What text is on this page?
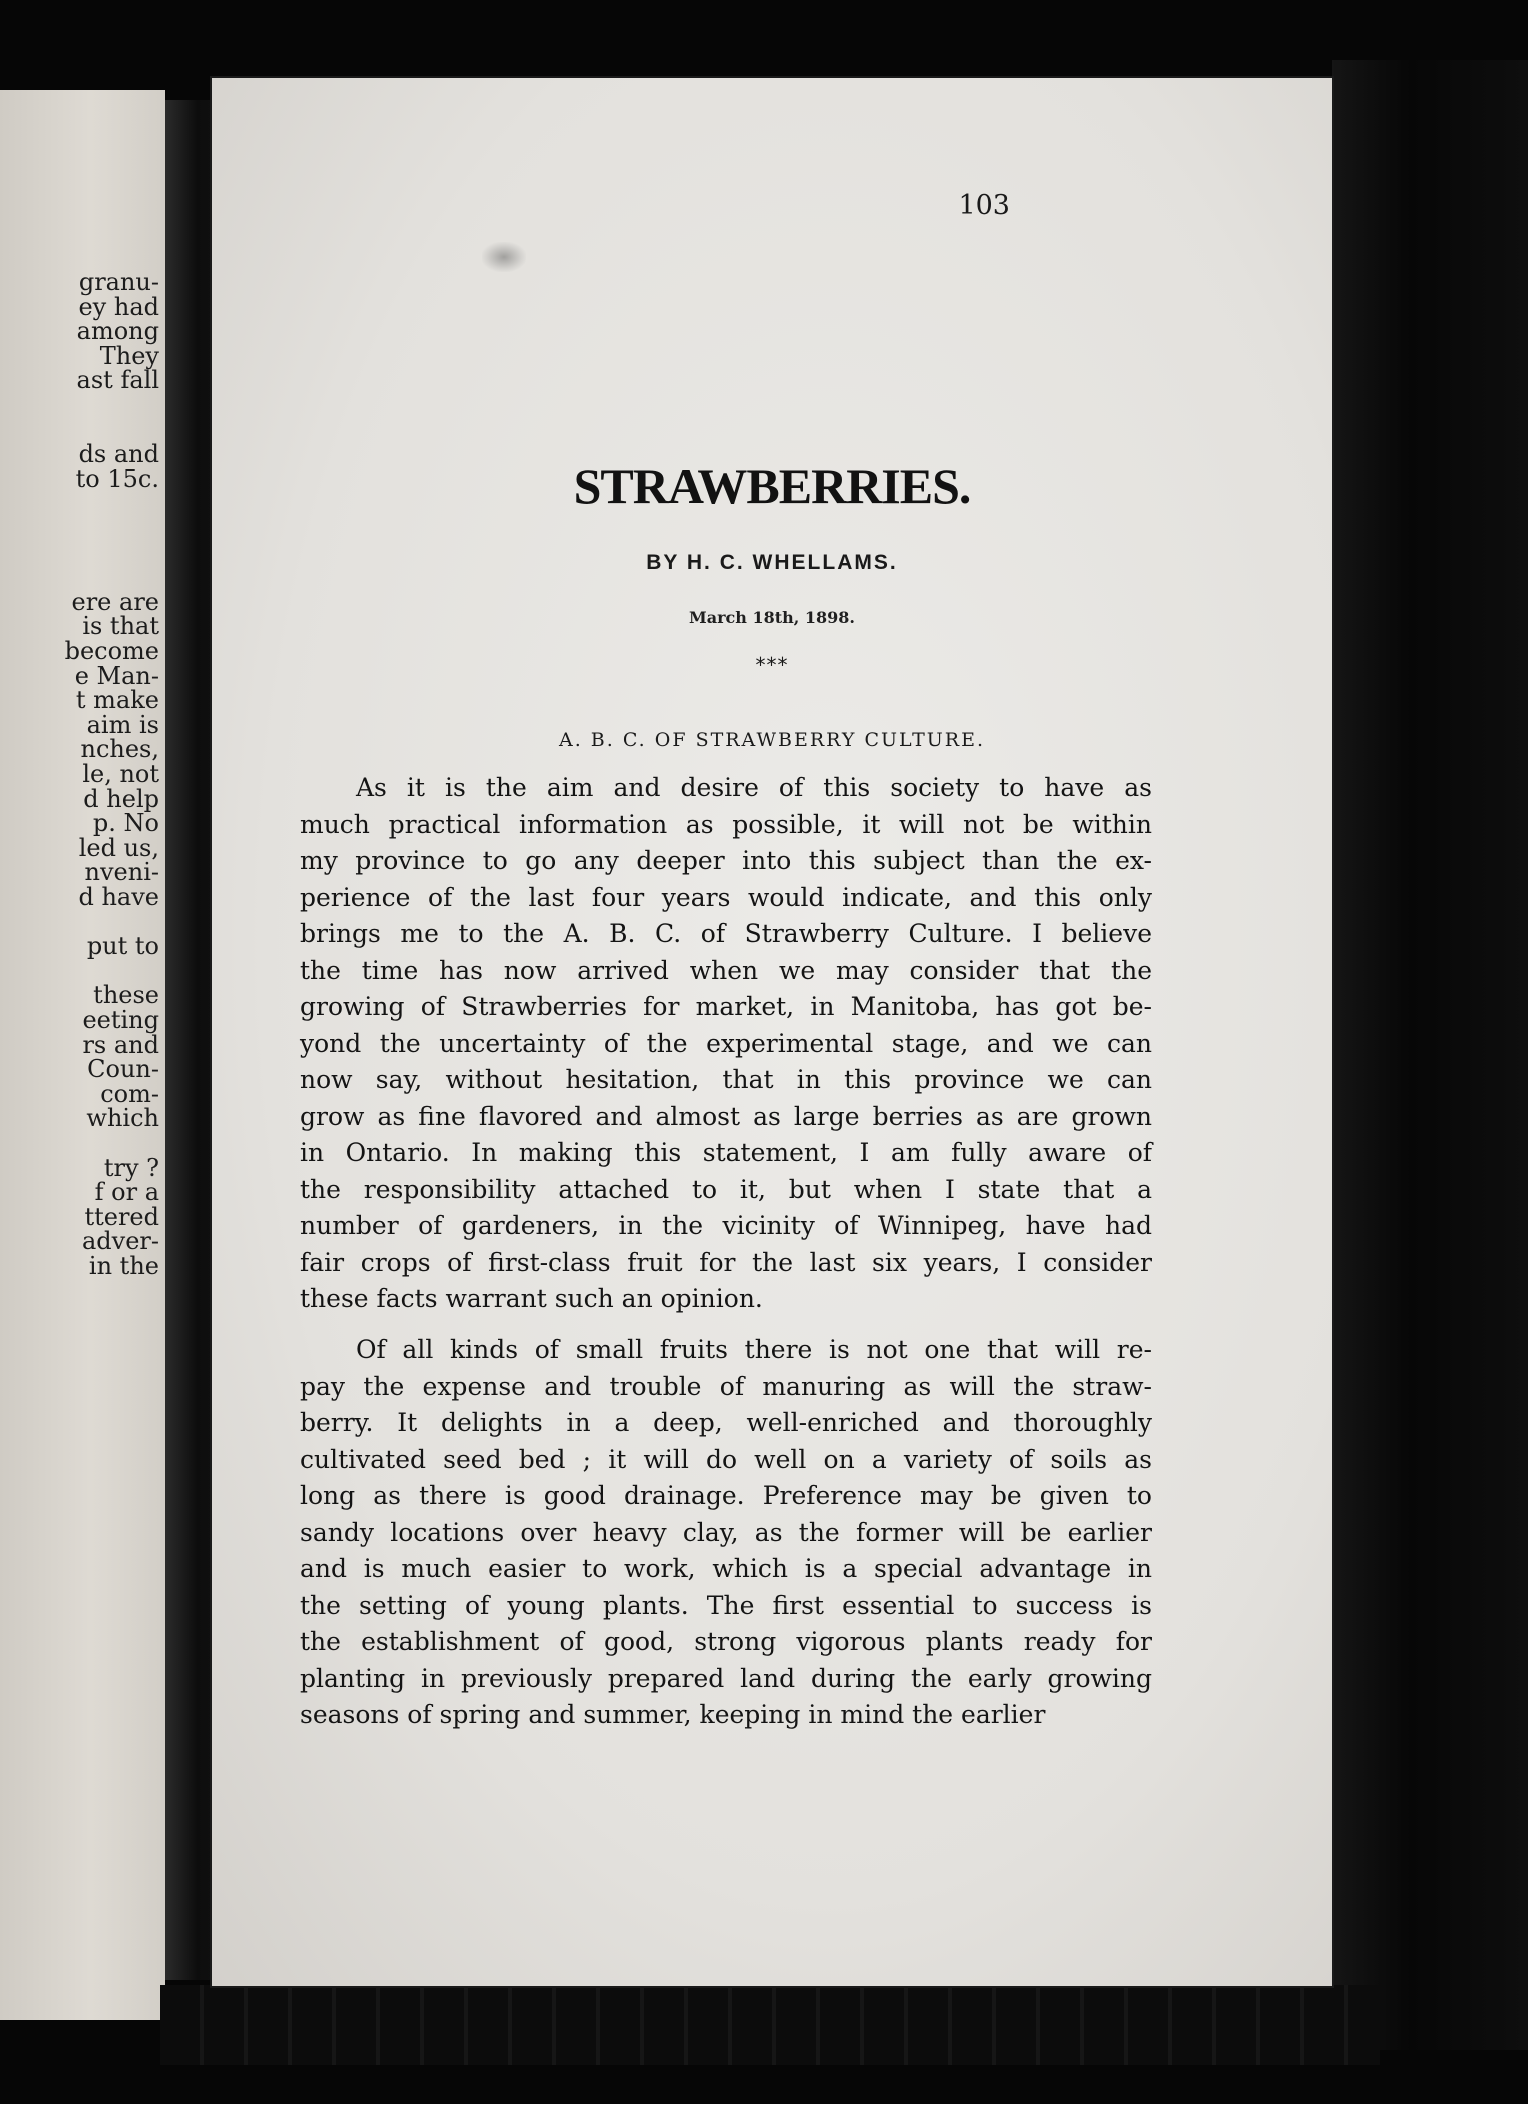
granu-
ey had
among
They
ast fall
ds and
to 15c.
ere are
is that
become
e Man-
t make
aim is
nches,
le, not
d help
p. No
led us,
nveni-
d have
put to
these
eeting
rs and
Coun-
com-
which
try ?
f or a
ttered
adver-
in the
103
STRAWBERRIES.
BY H. C. WHELLAMS.
March 18th, 1898.
***
A. B. C. OF STRAWBERRY CULTURE.
As it is the aim and desire of this society to have as
much practical information as possible, it will not be within
my province to go any deeper into this subject than the ex-
perience of the last four years would indicate, and this only
brings me to the A. B. C. of Strawberry Culture. I believe
the time has now arrived when we may consider that the
growing of Strawberries for market, in Manitoba, has got be-
yond the uncertainty of the experimental stage, and we can
now say, without hesitation, that in this province we can
grow as fine flavored and almost as large berries as are grown
in Ontario. In making this statement, I am fully aware of
the responsibility attached to it, but when I state that a
number of gardeners, in the vicinity of Winnipeg, have had
fair crops of first-class fruit for the last six years, I consider
these facts warrant such an opinion.
Of all kinds of small fruits there is not one that will re-
pay the expense and trouble of manuring as will the straw-
berry. It delights in a deep, well-enriched and thoroughly
cultivated seed bed ; it will do well on a variety of soils as
long as there is good drainage. Preference may be given to
sandy locations over heavy clay, as the former will be earlier
and is much easier to work, which is a special advantage in
the setting of young plants. The first essential to success is
the establishment of good, strong vigorous plants ready for
planting in previously prepared land during the early growing
seasons of spring and summer, keeping in mind the earlier
